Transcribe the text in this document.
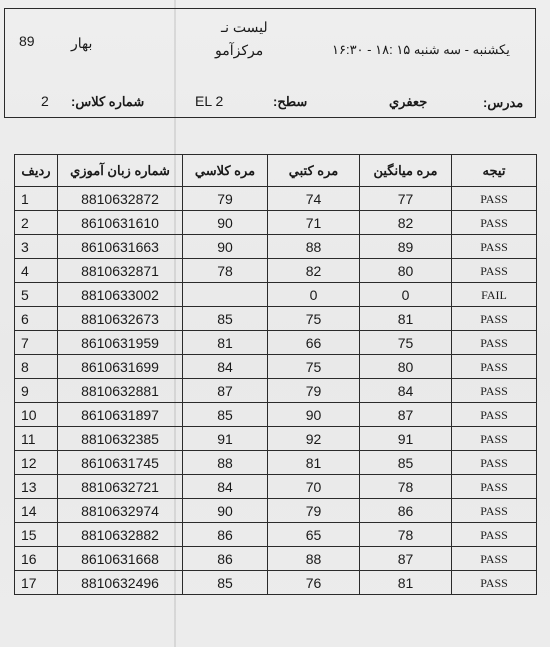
89	بهار
لیست نـ
مرکزآمو	یکشنبه - سه شنبه ۱۵ :۱۸ - ۱۶:۳۰
2 شماره کلاس:	EL 2	سطح:	جعفري	مدرس:
رديف	شماره زبان آموزي	مره كلاسي	مره كتبي	مره ميانگين	تيجه
1	8810632872	79	74	77	PASS
2	8610631610	90	71	82	PASS
3	8610631663	90	88	89	PASS
4	8810632871	78	82	80	PASS
5	8810633002		0	0	FAIL
6	8810632673	85	75	81	PASS
7	8610631959	81	66	75	PASS
8	8610631699	84	75	80	PASS
9	8810632881	87	79	84	PASS
10	8610631897	85	90	87	PASS
11	8810632385	91	92	91	PASS
12	8610631745	88	81	85	PASS
13	8810632721	84	70	78	PASS
14	8810632974	90	79	86	PASS
15	8810632882	86	65	78	PASS
16	8610631668	86	88	87	PASS
17	8810632496	85	76	81	PASS
